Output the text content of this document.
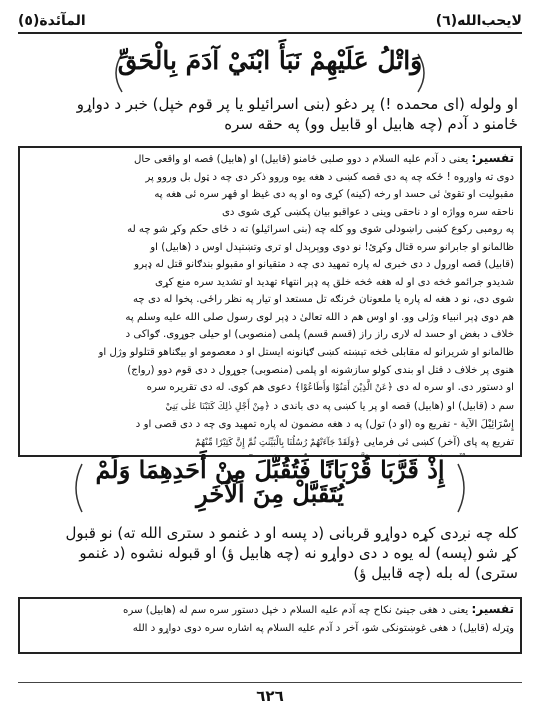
لايحب‌الله(٦)
المآئدة(٥)
وَاتْلُ عَلَيْهِمْ نَبَأَ ابْنَيْ آدَمَ بِالْحَقِّ

او ولوله (ای محمده !) پر دغو (بنی اسرائیلو یا پر قوم خپل) خبر د دواړو

ځامنو د آدم (چه هابیل او قابیل وو) په حقه سره

تفسیر: یعنی د آدم علیه السلام د دوو صلبی ځامنو (قابیل) او (هابیل) قصه او واقعی حال

دوی ته واوروه ! ځکه چه په دی قصه کښی د هغه یوه وروو ذکر دی چه د ټول بل وروو پر

مقبولیت او تقویٰ ئی حسد او رخه (کینه) کړی وه او په دی غیظ او قهر سره ئی هغه په

ناحقه سره وواژه او د ناحقی وینی د عواقبو بیان پکښی کړی شوی دی

په رومبی رکوع کښی راښودلی شوی وو کله چه (بنی اسرائیلو) ته د ځای حکم وکړ شو چه له

ظالمانو او جابرانو سره قتال وکړئ! نو دوی ووېرېدل او تری وتښتېدل اوس د (هابیل) او

(قابیل) قصه اورول د دی خبری له پاره تمهید دی چه د متقیانو او مقبولو بندګانو قتل له ډېرو

شدیدو جرائمو څخه دی او له هغه څخه خلق په ډېر انتهاء تهدید او تشدید سره منع کړی

شوی دی، نو د هغه له پاره یا ملعونان څرنګه تل مستعد او تیار په نظر راځی. پخوا له دی چه

هم دوی ډېر انبیاء وژلی وو. او اوس هم د الله تعالیٰ د ډېر لوی رسول صلی الله علیه وسلم په

خلاف د بغض او حسد له لاری راز راز (قسم قسم) پلمی (منصوبی) او حیلی جوړوی. ګواکی د

ظالمانو او شریرانو له مقابلی څخه تېښته کښی ګڼانونه ایستل او د معصومو او بیګناهو قتلولو وژل او

هنوی پر خلاف د قتل او بندی کولو سازشونه او پلمی (منصوبی) جوړول د دی قوم دوو (رواج)

او دستور دی. او سره له دی ﴿عَنْ الَّذِيْنَ أَمَنُوْا وَأَطَاعُوْا﴾ دعوی هم کوی. له دی تقریره سره

سم د (قابیل) او (هابیل) قصه او پر یا کښی په دی باندی د ﴿مِنْ أَجْلِ ذٰلِكَ كَتَبْنَا عَلٰى بَنِيْ

إِسْرَائِيْلَ الآية - تفریع وه (او د) تول) په د هغه مضمون له پاره تمهید وی چه د دی قصی او د

تفریع په پای (آخر) کښی ئی فرمایی ﴿وَلَقَدْ جَآءَتْهُمْ رُسُلُنَا بِالْبَيِّنٰتِ ثُمَّ إِنَّ كَثِيْرًا مِّنْهُمْ

إِذْ قَرَّبَا قُرْبَانًا فَتُقُبِّلَ مِنْ أَحَدِهِمَا وَلَمْ يُتَقَبَّلْ مِنَ الْآخَرِ

کله چه نږدی کړه دواړو قربانی (د پسه او د غنمو د ستری الله ته) نو قبول

کړ شو (پسه) له یوه د دی دواړو نه (چه هابیل ؤ) او قبوله نشوه (د غنمو

ستری) له بله (چه قابیل ؤ)

تفسیر: یعنی د هغی جینئ نکاح چه آدم علیه السلام د خپل دستور سره سم له (هابیل) سره

وټرله (قابیل) د هغی غوښتونکی شو، آخر د آدم علیه السلام په اشاره سره دوی دواړو د الله

٦٢٦
